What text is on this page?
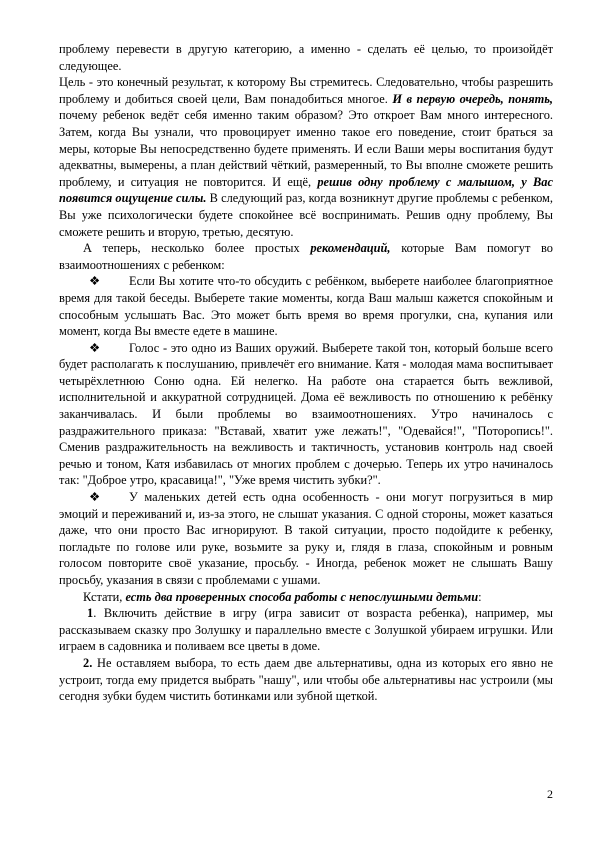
проблему перевести в другую категорию, а именно - сделать её целью, то произойдёт следующее.
Цель - это конечный результат, к которому Вы стремитесь. Следовательно, чтобы разрешить проблему и добиться своей цели, Вам понадобиться многое. И в первую очередь, понять, почему ребенок ведёт себя именно таким образом? Это откроет Вам много интересного. Затем, когда Вы узнали, что провоцирует именно такое его поведение, стоит браться за меры, которые Вы непосредственно будете применять. И если Ваши меры воспитания будут адекватны, вымерены, а план действий чёткий, размеренный, то Вы вполне сможете решить проблему, и ситуация не повторится. И ещё, решив одну проблему с малышом, у Вас появится ощущение силы. В следующий раз, когда возникнут другие проблемы с ребенком, Вы уже психологически будете спокойнее всё воспринимать. Решив одну проблему, Вы сможете решить и вторую, третью, десятую.

А теперь, несколько более простых рекомендаций, которые Вам помогут во взаимоотношениях с ребенком:

❖ Если Вы хотите что-то обсудить с ребёнком, выберете наиболее благоприятное время для такой беседы. Выберете такие моменты, когда Ваш малыш кажется спокойным и способным услышать Вас. Это может быть время во время прогулки, сна, купания или момент, когда Вы вместе едете в машине.

❖ Голос - это одно из Ваших оружий. Выберете такой тон, который больше всего будет располагать к послушанию, привлечёт его внимание. Катя - молодая мама воспитывает четырёхлетнюю Соню одна. Ей нелегко. На работе она старается быть вежливой, исполнительной и аккуратной сотрудницей. Дома её вежливость по отношению к ребёнку заканчивалась. И были проблемы во взаимоотношениях. Утро начиналось с раздражительного приказа: "Вставай, хватит уже лежать!", "Одевайся!", "Поторопись!". Сменив раздражительность на вежливость и тактичность, установив контроль над своей речью и тоном, Катя избавилась от многих проблем с дочерью. Теперь их утро начиналось так: "Доброе утро, красавица!", "Уже время чистить зубки?".

❖ У маленьких детей есть одна особенность - они могут погрузиться в мир эмоций и переживаний и, из-за этого, не слышат указания. С одной стороны, может казаться даже, что они просто Вас игнорируют. В такой ситуации, просто подойдите к ребенку, погладьте по голове или руке, возьмите за руку и, глядя в глаза, спокойным и ровным голосом повторите своё указание, просьбу. - Иногда, ребенок может не слышать Вашу просьбу, указания в связи с проблемами с ушами.

Кстати, есть два проверенных способа работы с непослушными детьми:

1. Включить действие в игру (игра зависит от возраста ребенка), например, мы рассказываем сказку про Золушку и параллельно вместе с Золушкой убираем игрушки. Или играем в садовника и поливаем все цветы в доме.

2. Не оставляем выбора, то есть даем две альтернативы, одна из которых его явно не устроит, тогда ему придется выбрать "нашу", или чтобы обе альтернативы нас устроили (мы сегодня зубки будем чистить ботинками или зубной щеткой.

2
